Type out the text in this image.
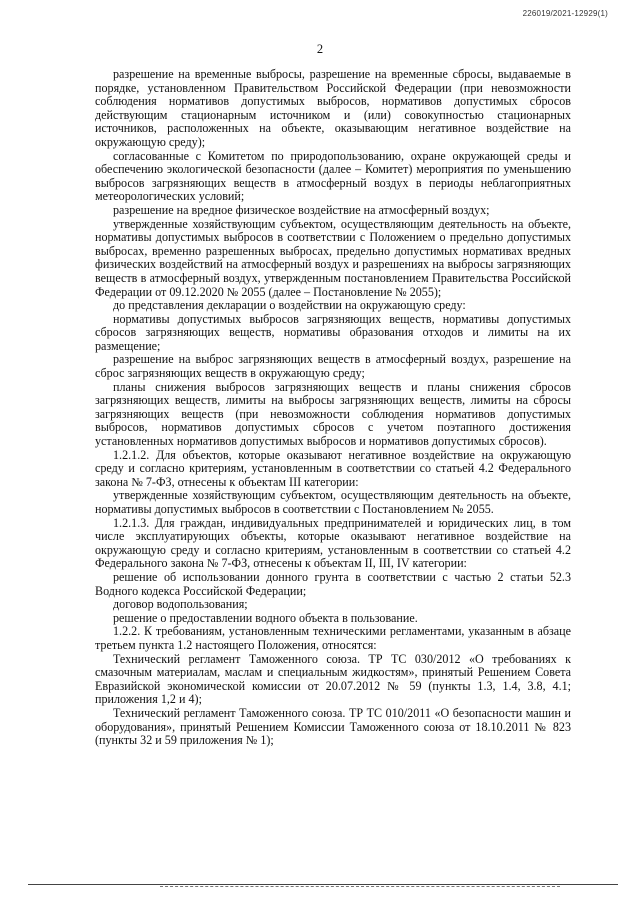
226019/2021-12929(1)
2

разрешение на временные выбросы, разрешение на временные сбросы, выдаваемые в порядке, установленном Правительством Российской Федерации (при невозможности соблюдения нормативов допустимых выбросов, нормативов допустимых сбросов действующим стационарным источником и (или) совокупностью стационарных источников, расположенных на объекте, оказывающим негативное воздействие на окружающую среду);

согласованные с Комитетом по природопользованию, охране окружающей среды и обеспечению экологической безопасности (далее – Комитет) мероприятия по уменьшению выбросов загрязняющих веществ в атмосферный воздух в периоды неблагоприятных метеорологических условий;

разрешение на вредное физическое воздействие на атмосферный воздух;

утвержденные хозяйствующим субъектом, осуществляющим деятельность на объекте, нормативы допустимых выбросов в соответствии с Положением о предельно допустимых выбросах, временно разрешенных выбросах, предельно допустимых нормативах вредных физических воздействий на атмосферный воздух и разрешениях на выбросы загрязняющих веществ в атмосферный воздух, утвержденным постановлением Правительства Российской Федерации от 09.12.2020 № 2055 (далее – Постановление № 2055);

до представления декларации о воздействии на окружающую среду:

нормативы допустимых выбросов загрязняющих веществ, нормативы допустимых сбросов загрязняющих веществ, нормативы образования отходов и лимиты на их размещение;

разрешение на выброс загрязняющих веществ в атмосферный воздух, разрешение на сброс загрязняющих веществ в окружающую среду;

планы снижения выбросов загрязняющих веществ и планы снижения сбросов загрязняющих веществ, лимиты на выбросы загрязняющих веществ, лимиты на сбросы загрязняющих веществ (при невозможности соблюдения нормативов допустимых выбросов, нормативов допустимых сбросов с учетом поэтапного достижения установленных нормативов допустимых выбросов и нормативов допустимых сбросов).

1.2.1.2. Для объектов, которые оказывают негативное воздействие на окружающую среду и согласно критериям, установленным в соответствии со статьей 4.2 Федерального закона № 7-ФЗ, отнесены к объектам III категории:

утвержденные хозяйствующим субъектом, осуществляющим деятельность на объекте, нормативы допустимых выбросов в соответствии с Постановлением № 2055.

1.2.1.3. Для граждан, индивидуальных предпринимателей и юридических лиц, в том числе эксплуатирующих объекты, которые оказывают негативное воздействие на окружающую среду и согласно критериям, установленным в соответствии со статьей 4.2 Федерального закона № 7-ФЗ, отнесены к объектам II, III, IV категории:

решение об использовании донного грунта в соответствии с частью 2 статьи 52.3 Водного кодекса Российской Федерации;

договор водопользования;

решение о предоставлении водного объекта в пользование.

1.2.2. К требованиям, установленным техническими регламентами, указанным в абзаце третьем пункта 1.2 настоящего Положения, относятся:

Технический регламент Таможенного союза. ТР ТС 030/2012 «О требованиях к смазочным материалам, маслам и специальным жидкостям», принятый Решением Совета Евразийской экономической комиссии от 20.07.2012 № 59 (пункты 1.3, 1.4, 3.8, 4.1; приложения 1,2 и 4);

Технический регламент Таможенного союза. ТР ТС 010/2011 «О безопасности машин и оборудования», принятый Решением Комиссии Таможенного союза от 18.10.2011 № 823 (пункты 32 и 59 приложения № 1);
